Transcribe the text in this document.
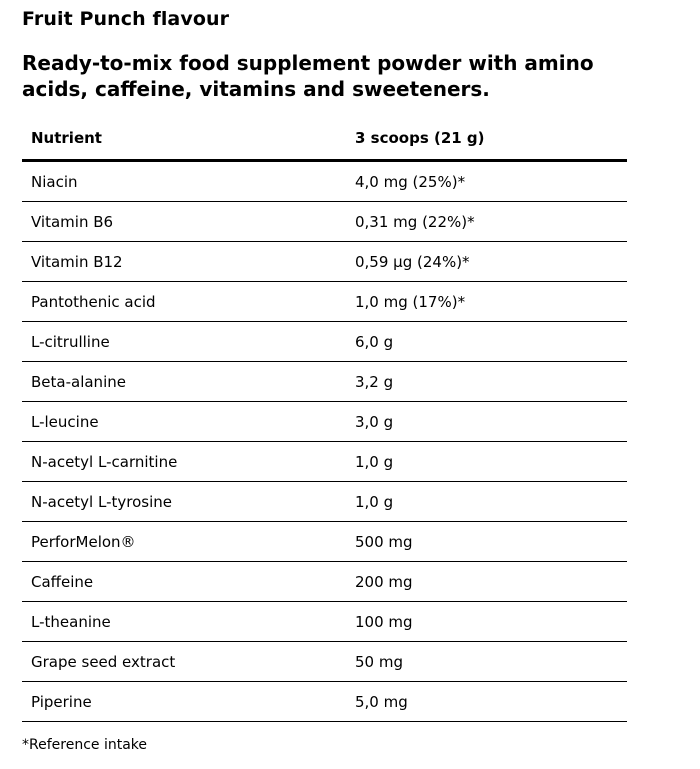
Fruit Punch flavour
Ready-to-mix food supplement powder with amino acids, caffeine, vitamins and sweeteners.
Nutrient	3 scoops (21 g)
Niacin	4,0 mg (25%)*
Vitamin B6	0,31 mg (22%)*
Vitamin B12	0,59 µg (24%)*
Pantothenic acid	1,0 mg (17%)*
L-citrulline	6,0 g
Beta-alanine	3,2 g
L-leucine	3,0 g
N-acetyl L-carnitine	1,0 g
N-acetyl L-tyrosine	1,0 g
PerforMelon®	500 mg
Caffeine	200 mg
L-theanine	100 mg
Grape seed extract	50 mg
Piperine	5,0 mg
*Reference intake
